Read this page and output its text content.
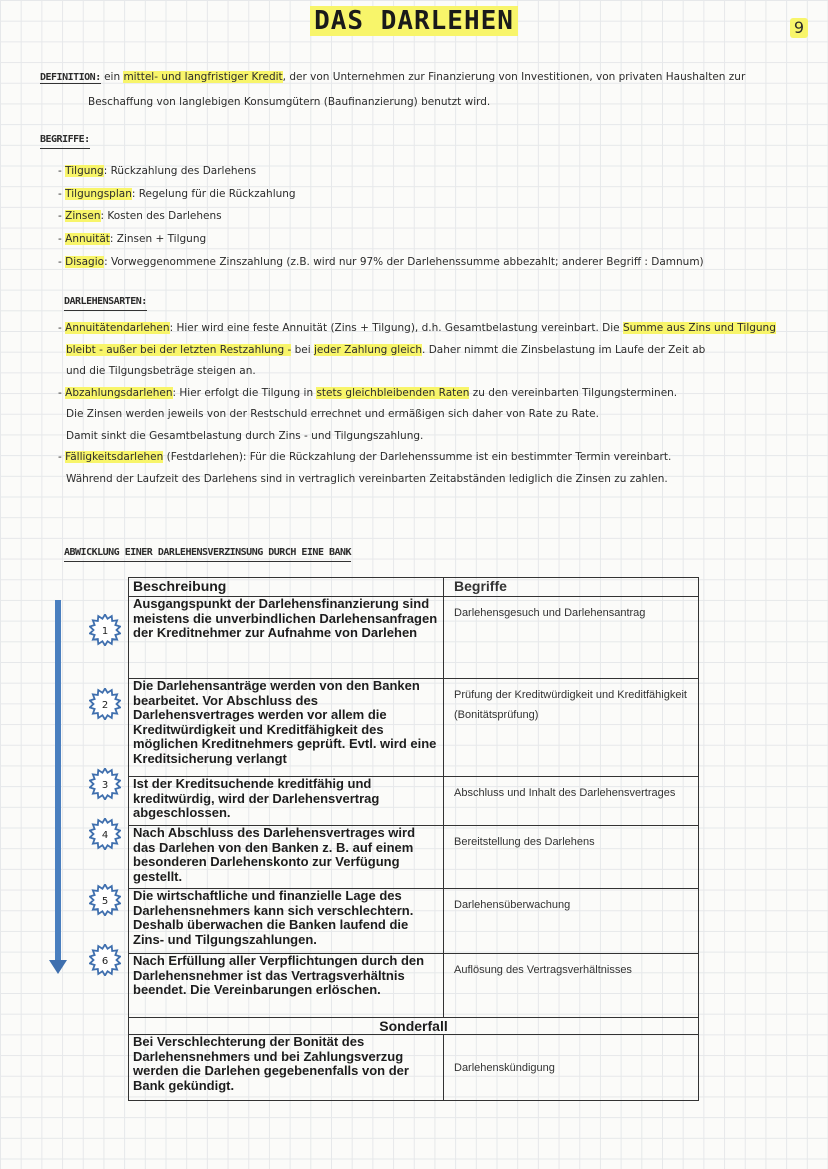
DAS DARLEHEN	9
DEFINITION: ein mittel- und langfristiger Kredit, der von Unternehmen zur Finanzierung von Investitionen, von privaten Haushalten zur
Beschaffung von langlebigen Konsumgütern (Baufinanzierung) benutzt wird.
BEGRIFFE:
- Tilgung: Rückzahlung des Darlehens
- Tilgungsplan: Regelung für die Rückzahlung
- Zinsen: Kosten des Darlehens
- Annuität: Zinsen + Tilgung
- Disagio: Vorweggenommene Zinszahlung (z.B. wird nur 97% der Darlehenssumme abbezahlt; anderer Begriff : Damnum)
DARLEHENSARTEN:
- Annuitätendarlehen: Hier wird eine feste Annuität (Zins + Tilgung), d.h. Gesamtbelastung vereinbart. Die Summe aus Zins und Tilgung
bleibt - außer bei der letzten Restzahlung - bei jeder Zahlung gleich. Daher nimmt die Zinsbelastung im Laufe der Zeit ab
und die Tilgungsbeträge steigen an.
- Abzahlungsdarlehen: Hier erfolgt die Tilgung in stets gleichbleibenden Raten zu den vereinbarten Tilgungsterminen.
Die Zinsen werden jeweils von der Restschuld errechnet und ermäßigen sich daher von Rate zu Rate.
Damit sinkt die Gesamtbelastung durch Zins - und Tilgungszahlung.
- Fälligkeitsdarlehen (Festdarlehen): Für die Rückzahlung der Darlehenssumme ist ein bestimmter Termin vereinbart.
Während der Laufzeit des Darlehens sind in vertraglich vereinbarten Zeitabständen lediglich die Zinsen zu zahlen.
ABWICKLUNG EINER DARLEHENSVERZINSUNG DURCH EINE BANK
1
2
3
4
5
6
Beschreibung	Begriffe
Ausgangspunkt der Darlehensfinanzierung sind meistens die unverbindlichen Darlehensanfragen der Kreditnehmer zur Aufnahme von Darlehen	Darlehensgesuch und Darlehensantrag
Die Darlehensanträge werden von den Banken bearbeitet. Vor Abschluss des Darlehensvertrages werden vor allem die Kreditwürdigkeit und Kreditfähigkeit des möglichen Kreditnehmers geprüft. Evtl. wird eine Kreditsicherung verlangt	Prüfung der Kreditwürdigkeit und Kreditfähigkeit (Bonitätsprüfung)
Ist der Kreditsuchende kreditfähig und kreditwürdig, wird der Darlehensvertrag abgeschlossen.	Abschluss und Inhalt des Darlehensvertrages
Nach Abschluss des Darlehensvertrages wird das Darlehen von den Banken z. B. auf einem besonderen Darlehenskonto zur Verfügung gestellt.	Bereitstellung des Darlehens
Die wirtschaftliche und finanzielle Lage des Darlehensnehmers kann sich verschlechtern. Deshalb überwachen die Banken laufend die Zins- und Tilgungszahlungen.	Darlehensüberwachung
Nach Erfüllung aller Verpflichtungen durch den Darlehensnehmer ist das Vertragsverhältnis beendet. Die Vereinbarungen erlöschen.	Auflösung des Vertragsverhältnisses
Sonderfall	
Bei Verschlechterung der Bonität des Darlehensnehmers und bei Zahlungsverzug werden die Darlehen gegebenenfalls von der Bank gekündigt.	Darlehenskündigung
